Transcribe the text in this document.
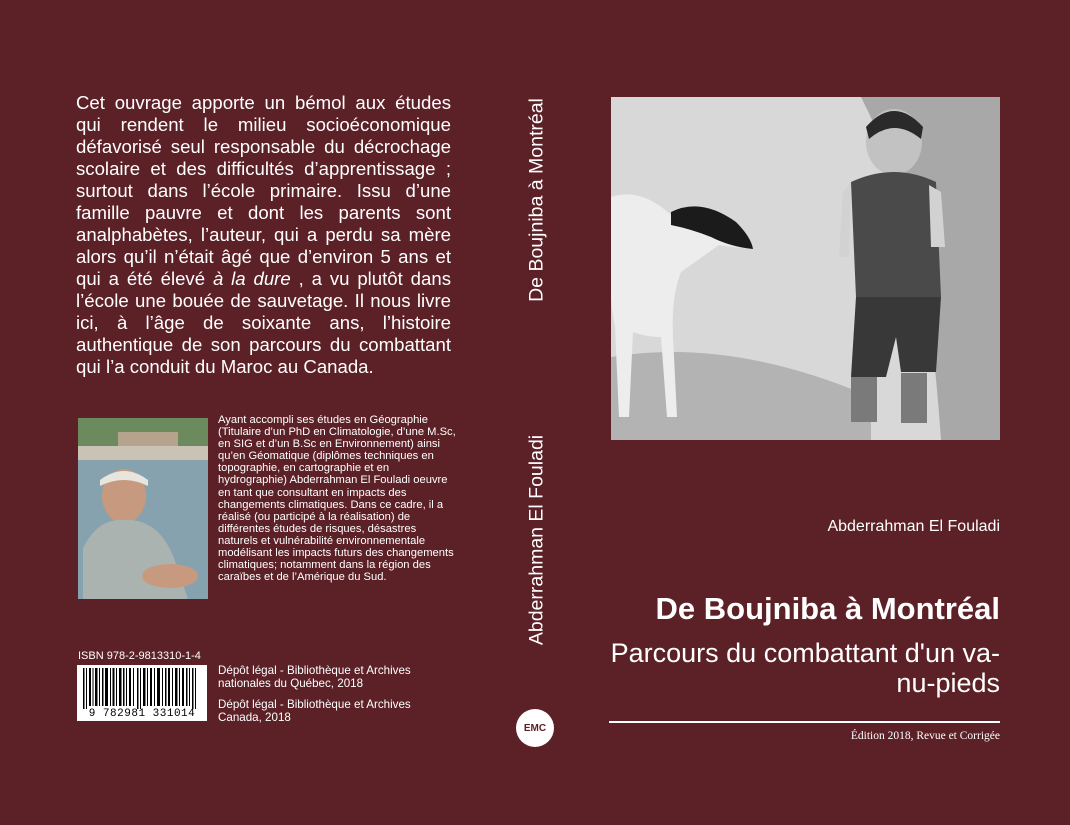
Cet ouvrage apporte un bémol aux études qui rendent le milieu socioéconomique défavorisé seul responsable du décrochage scolaire et des difficultés d’apprentissage ; surtout dans l’école primaire. Issu d’une famille pauvre et dont les parents sont analphabètes, l’auteur, qui a perdu sa mère alors qu’il n’était âgé que d’environ 5 ans et qui a été élevé à la dure , a vu plutôt dans l’école une bouée de sauvetage. Il nous livre ici, à l’âge de soixante ans, l’histoire authentique de son parcours du combattant qui l’a conduit du Maroc au Canada.
Ayant accompli ses études en Géographie (Titulaire d’un PhD en Climatologie, d’une M.Sc, en SIG et d’un B.Sc en Environnement) ainsi qu’en Géomatique (diplômes techniques en topographie, en cartographie et en hydrographie) Abderrahman El Fouladi oeuvre en tant que consultant en impacts des changements climatiques. Dans ce cadre, il a réalisé (ou participé à la réalisation) de différentes études de risques, désastres naturels et vulnérabilité environnementale modélisant les impacts futurs des changements climatiques; notamment dans la région des caraïbes et de l’Amérique du Sud.
ISBN 978-2-9813310-1-4
9 782981 331014
Dépôt légal - Bibliothèque et Archives nationales du Québec, 2018
Dépôt légal - Bibliothèque et Archives Canada, 2018
De Boujniba à Montréal
Abderrahman El Fouladi
EMC
Abderrahman El Fouladi
De Boujniba à Montréal
Parcours du combattant d'un va-nu-pieds
Édition 2018, Revue et Corrigée
